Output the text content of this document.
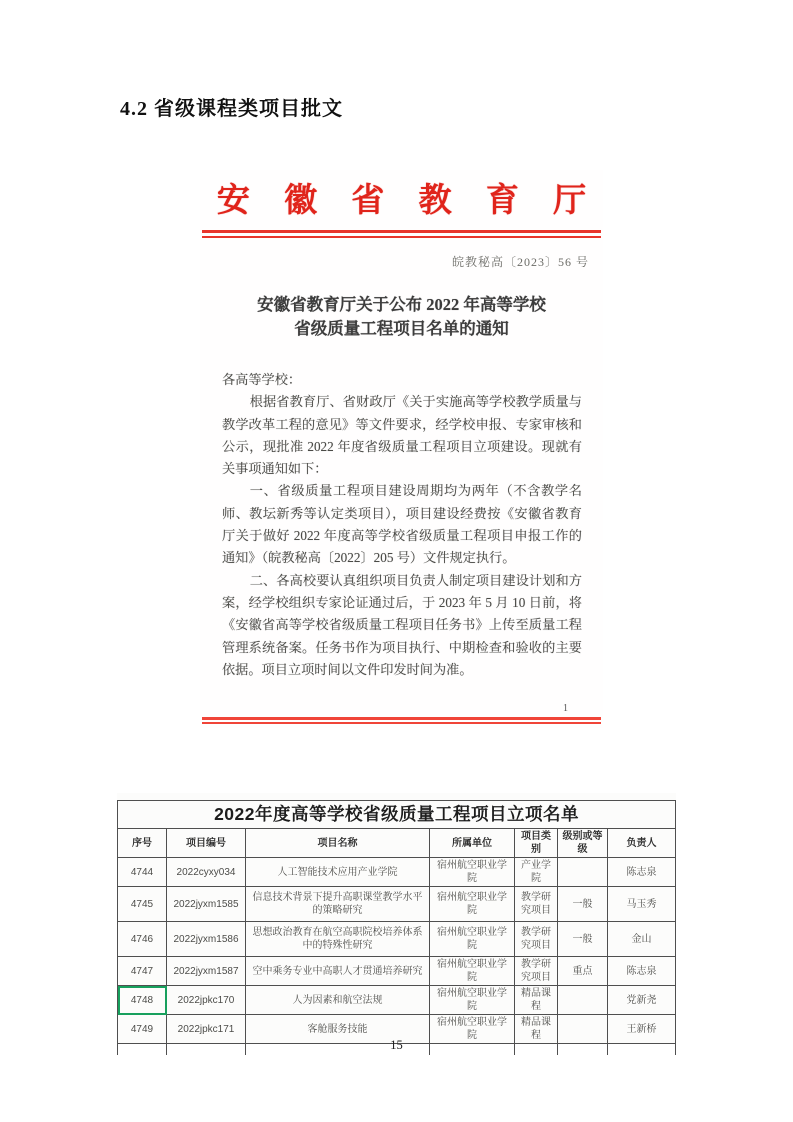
4.2 省级课程类项目批文
安 徽 省 教 育 厅
皖教秘高〔2023〕56 号
安徽省教育厅关于公布 2022 年高等学校
省级质量工程项目名单的通知

各高等学校：

根据省教育厅、省财政厅《关于实施高等学校教学质量与教学改革工程的意见》等文件要求，经学校申报、专家审核和公示，现批准 2022 年度省级质量工程项目立项建设。现就有关事项通知如下：

一、省级质量工程项目建设周期均为两年（不含教学名师、教坛新秀等认定类项目），项目建设经费按《安徽省教育厅关于做好 2022 年度高等学校省级质量工程项目申报工作的通知》（皖教秘高〔2022〕205 号）文件规定执行。

二、各高校要认真组织项目负责人制定项目建设计划和方案，经学校组织专家论证通过后，于 2023 年 5 月 10 日前，将《安徽省高等学校省级质量工程项目任务书》上传至质量工程管理系统备案。任务书作为项目执行、中期检查和验收的主要依据。项目立项时间以文件印发时间为准。

1
2022年度高等学校省级质量工程项目立项名单						
序号	项目编号	项目名称	所属单位	项目类别	级别或等级	负责人
4744	2022cyxy034	人工智能技术应用产业学院	宿州航空职业学院	产业学院		陈志泉
4745	2022jyxm1585	信息技术背景下提升高职课堂教学水平的策略研究	宿州航空职业学院	教学研究项目	一般	马玉秀
4746	2022jyxm1586	思想政治教育在航空高职院校培养体系中的特殊性研究	宿州航空职业学院	教学研究项目	一般	金山
4747	2022jyxm1587	空中乘务专业中高职人才贯通培养研究	宿州航空职业学院	教学研究项目	重点	陈志泉
4748	2022jpkc170	人为因素和航空法规	宿州航空职业学院	精品课程		党新尧
4749	2022jpkc171	客舱服务技能	宿州航空职业学院	精品课程		王新桥

15
